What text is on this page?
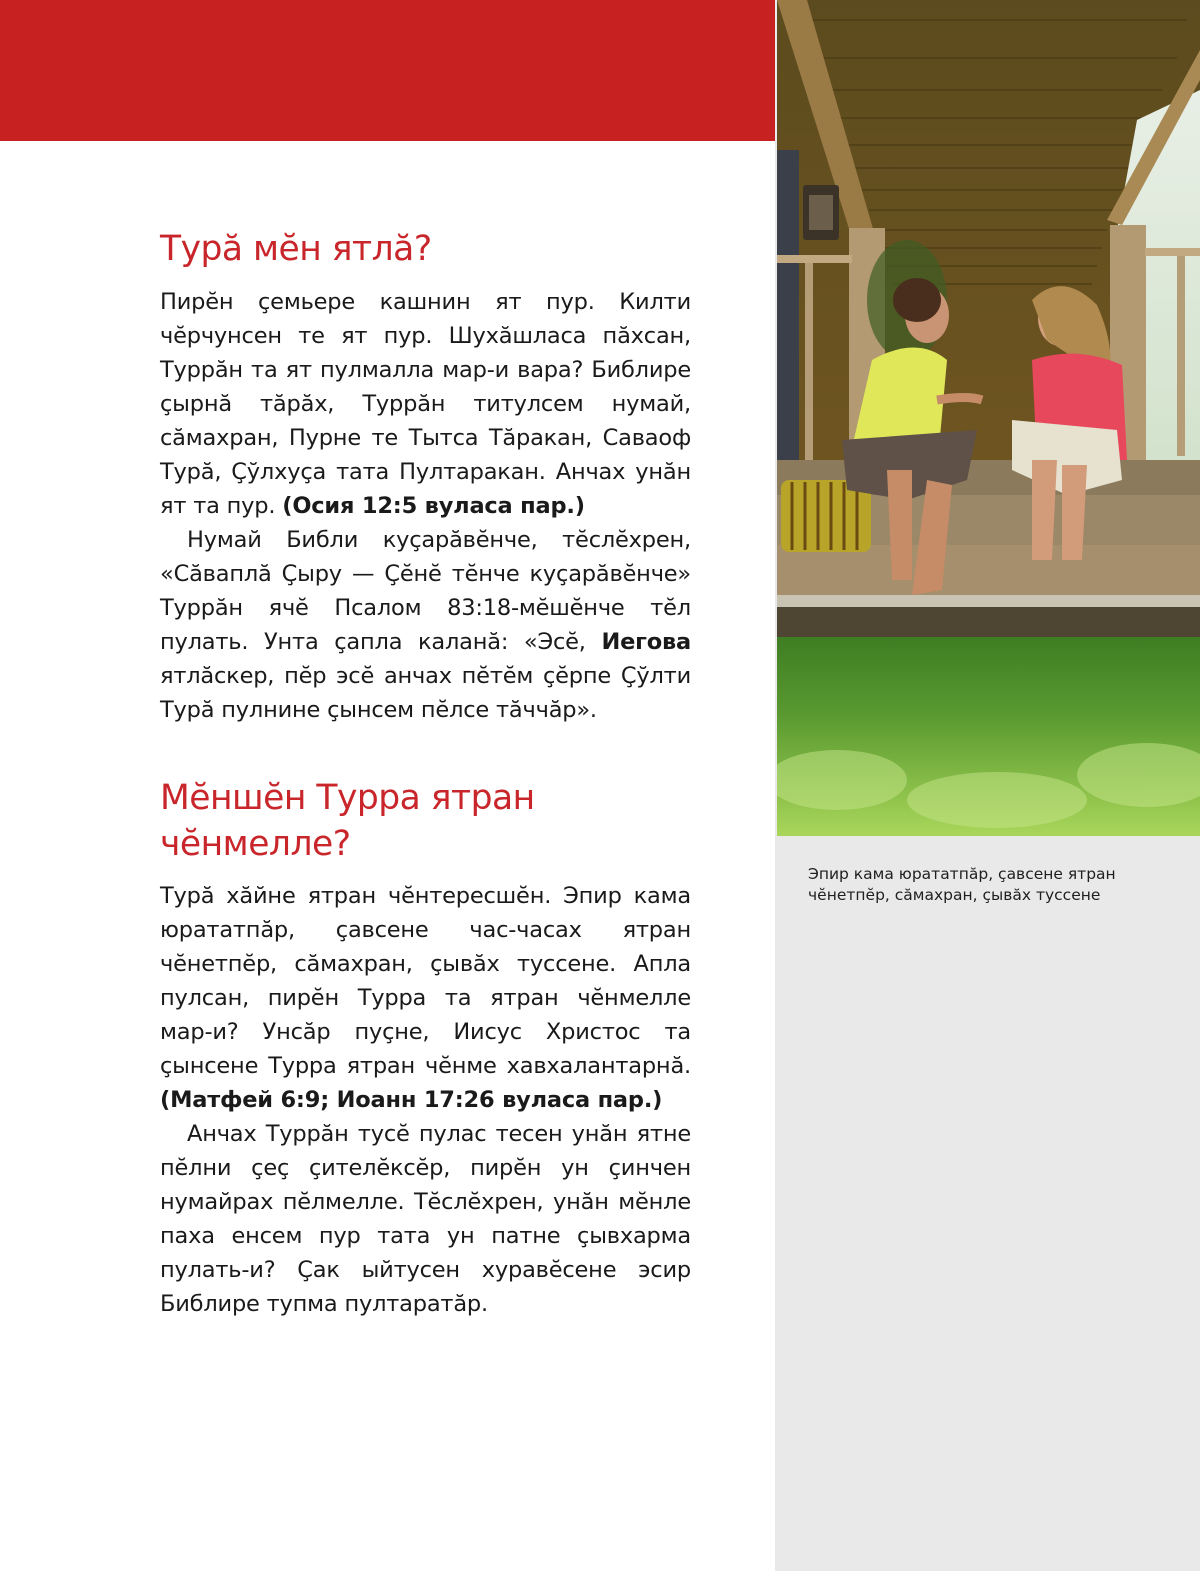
Эпир кама юрататпăр, çавсене ятран чĕнетпĕр, сăмахран, çывăх туссене
Турă мĕн ятлă?

Пирĕн çемьере кашнин ят пур. Килти чĕрчунсен те ят пур. Шухăшласа пăхсан, Туррăн та ят пулмалла мар-и вара? Библире çырнă тăрăх, Туррăн титулсем нумай, сăмахран, Пурне те Тытса Тăракан, Саваоф Турă, Çўлхуçа тата Пултаракан. Анчах унăн ят та пур. (Осия 12:5 вуласа пар.)

Нумай Библи куçарăвĕнче, тĕслĕхрен, «Сăваплă Çыру — Çĕнĕ тĕнче куçарăвĕнче» Туррăн ячĕ Псалом 83:18-мĕшĕнче тĕл пулать. Унта çапла каланă: «Эсĕ, Иегова ятлăскер, пĕр эсĕ анчах пĕтĕм çĕрпе Çўлти Турă пулнине çынсем пĕлсе тăччăр».

Мĕншĕн Турра ятран чĕнмелле?

Турă хăйне ятран чĕнтересшĕн. Эпир кама юрататпăр, çавсене час-часах ятран чĕнетпĕр, сăмахран, çывăх туссене. Апла пулсан, пирĕн Турра та ятран чĕнмелле мар-и? Унсăр пуçне, Иисус Христос та çынсене Турра ятран чĕнме хавхалантарнă. (Матфей 6:9; Иоанн 17:26 вуласа пар.)

Анчах Туррăн тусĕ пулас тесен унăн ятне пĕлни çеç çителĕксĕр, пирĕн ун çинчен нумайрах пĕлмелле. Тĕслĕхрен, унăн мĕнле паха енсем пур тата ун патне çывхарма пулать-и? Çак ыйтусен хуравĕсене эсир Библире тупма пултаратăр.
